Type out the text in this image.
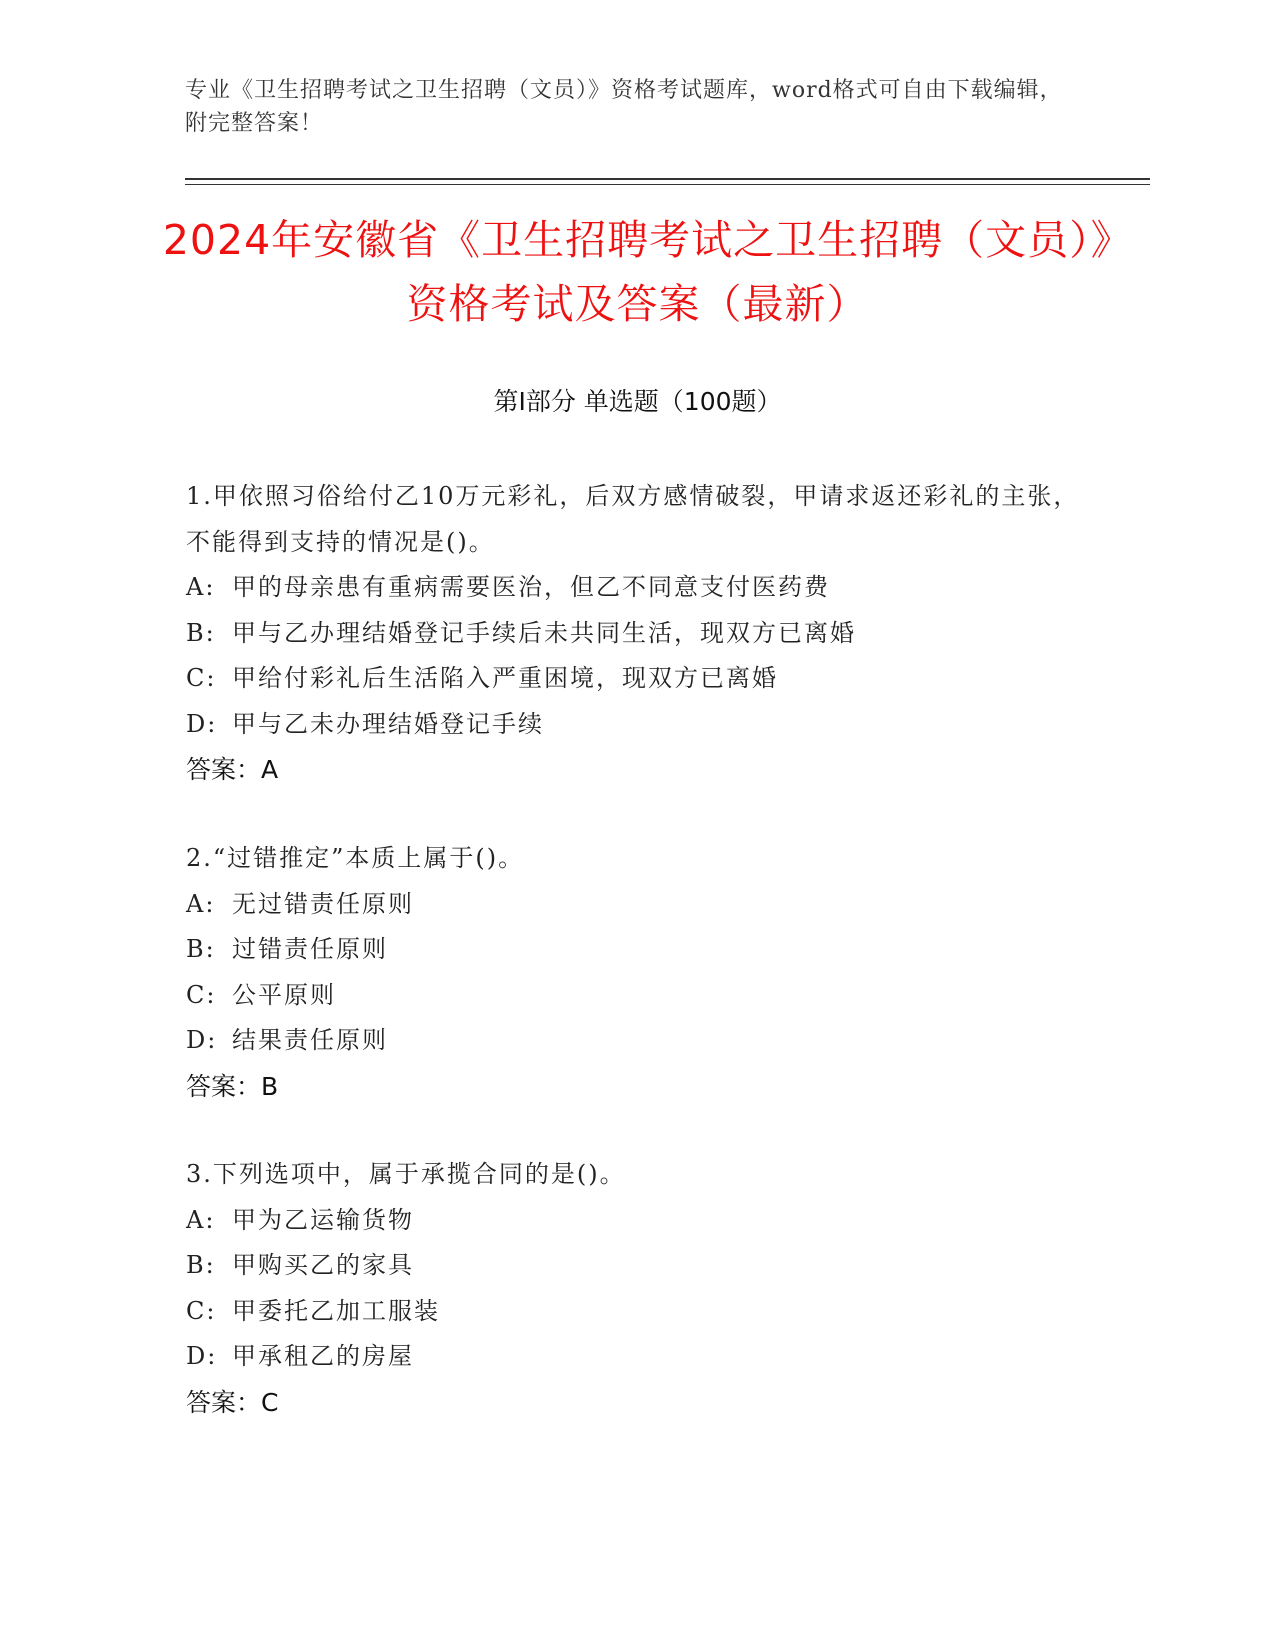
专业《卫生招聘考试之卫生招聘（文员）》资格考试题库，word格式可自由下载编辑，附完整答案！
2024年安徽省《卫生招聘考试之卫生招聘（文员）》资格考试及答案（最新）
第Ⅰ部分 单选题（100题）
1.甲依照习俗给付乙10万元彩礼，后双方感情破裂，甲请求返还彩礼的主张，不能得到支持的情况是()。
A: 甲的母亲患有重病需要医治，但乙不同意支付医药费
B: 甲与乙办理结婚登记手续后未共同生活，现双方已离婚
C: 甲给付彩礼后生活陷入严重困境，现双方已离婚
D: 甲与乙未办理结婚登记手续
答案：A
2.“过错推定”本质上属于()。
A: 无过错责任原则
B: 过错责任原则
C: 公平原则
D: 结果责任原则
答案：B
3.下列选项中，属于承揽合同的是()。
A: 甲为乙运输货物
B: 甲购买乙的家具
C: 甲委托乙加工服装
D: 甲承租乙的房屋
答案：C
